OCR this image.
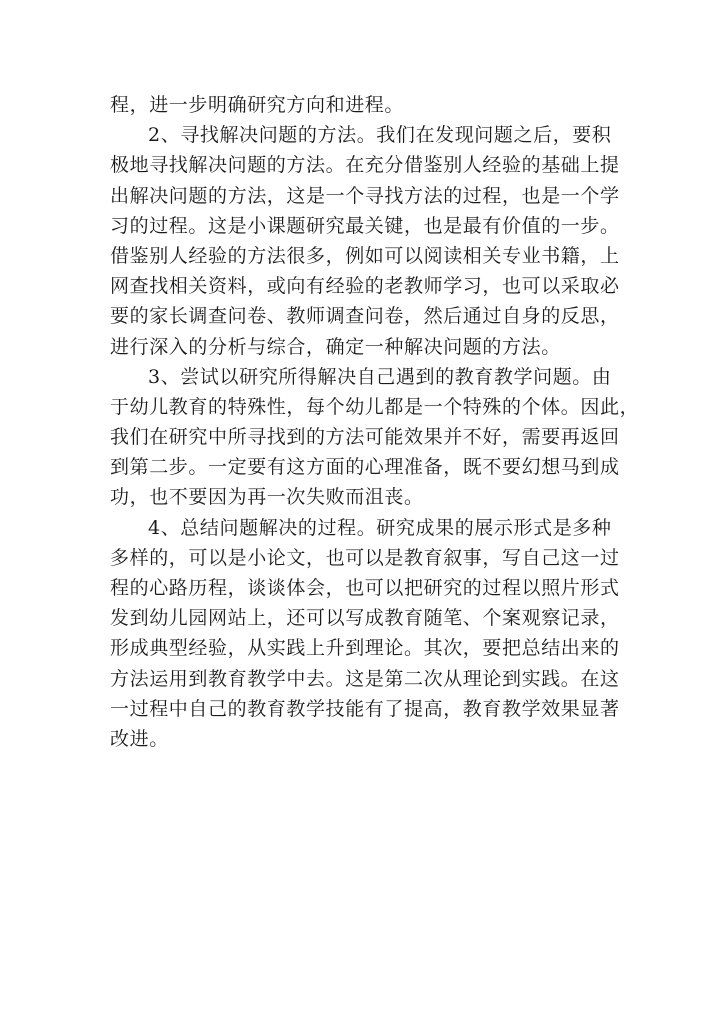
程，进一步明确研究方向和进程。
2、寻找解决问题的方法。我们在发现问题之后，要积
极地寻找解决问题的方法。在充分借鉴别人经验的基础上提
出解决问题的方法，这是一个寻找方法的过程，也是一个学
习的过程。这是小课题研究最关键，也是最有价值的一步。
借鉴别人经验的方法很多，例如可以阅读相关专业书籍，上
网查找相关资料，或向有经验的老教师学习，也可以采取必
要的家长调查问卷、教师调查问卷，然后通过自身的反思，
进行深入的分析与综合，确定一种解决问题的方法。
3、尝试以研究所得解决自己遇到的教育教学问题。由
于幼儿教育的特殊性，每个幼儿都是一个特殊的个体。因此，
我们在研究中所寻找到的方法可能效果并不好，需要再返回
到第二步。一定要有这方面的心理准备，既不要幻想马到成
功，也不要因为再一次失败而沮丧。
4、总结问题解决的过程。研究成果的展示形式是多种
多样的，可以是小论文，也可以是教育叙事，写自己这一过
程的心路历程，谈谈体会，也可以把研究的过程以照片形式
发到幼儿园网站上，还可以写成教育随笔、个案观察记录，
形成典型经验，从实践上升到理论。其次，要把总结出来的
方法运用到教育教学中去。这是第二次从理论到实践。在这
一过程中自己的教育教学技能有了提高，教育教学效果显著
改进。
